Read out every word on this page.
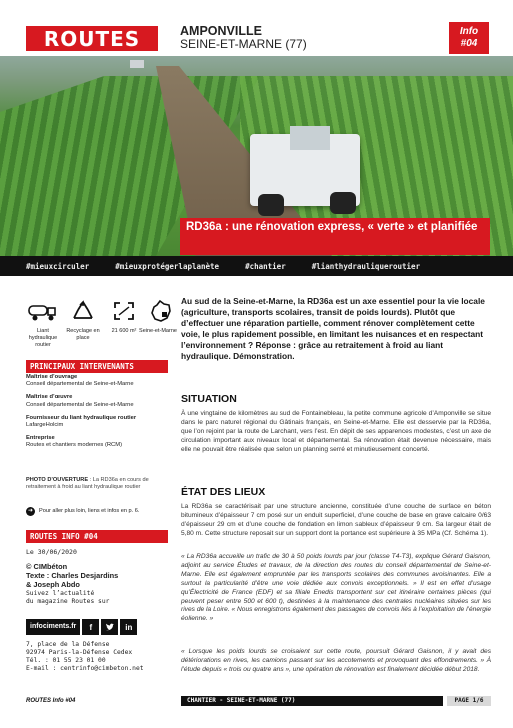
ROUTES	AMPONVILLE
SEINE-ET-MARNE (77)
Info
#04
RD36a : une rénovation express, « verte » et planifiée
#mieuxcirculer	#mieuxprotégerlaplanète	#chantier	#lianthydrauliqueroutier
Liant hydraulique routier
Recyclage en place
21 600 m² Seine-et-Marne
PRINCIPAUX INTERVENANTS
Maîtrise d’ouvrage
Conseil départemental de Seine-et-Marne
Maîtrise d’œuvre
Conseil départemental de Seine-et-Marne
Fournisseur du liant hydraulique routier
LafargeHolcim
Entreprise
Routes et chantiers modernes (RCM)
PHOTO D’OUVERTURE : La RD36a en cours de retraitement à froid au liant hydraulique routier
➜	Pour aller plus loin, liens et infos en p. 6.
ROUTES INFO #04
Le 30/06/2020
© CIMbéton
Texte : Charles Desjardins
& Joseph Abdo
Suivez l’actualité
du magazine Routes sur
infociments.fr	f	in
7, place de la Défense
92974 Paris-la-Défense Cedex
Tél. : 01 55 23 01 00
E-mail : centrinfo@cimbeton.net
Au sud de la Seine-et-Marne, la RD36a est un axe essentiel pour la vie locale (agriculture, transports scolaires, transit de poids lourds). Plutôt que d’effectuer une réparation partielle, comment rénover complètement cette voie, le plus rapidement possible, en limitant les nuisances et en respectant l’environnement ? Réponse : grâce au retraitement à froid au liant hydraulique. Démonstration.
SITUATION
À une vingtaine de kilomètres au sud de Fontainebleau, la petite commune agricole d’Amponville se situe dans le parc naturel régional du Gâtinais français, en Seine-et-Marne. Elle est desservie par la RD36a, que l’on rejoint par la route de Larchant, vers l’est. En dépit de ses apparences modestes, c’est un axe de circulation important aux niveaux local et départemental. Sa rénovation était devenue nécessaire, mais elle ne pouvait être réalisée que selon un planning serré et minutieusement concerté.
ÉTAT DES LIEUX
La RD36a se caractérisait par une structure ancienne, constituée d’une couche de surface en béton bitumineux d’épaisseur 7 cm posé sur un enduit superficiel, d’une couche de base en grave calcaire 0/63 d’épaisseur 29 cm et d’une couche de fondation en limon sableux d’épaisseur 9 cm. Sa largeur était de 5,80 m. Cette structure reposait sur un support dont la portance est supérieure à 35 MPa (Cf. Schéma 1).
« La RD36a accueille un trafic de 30 à 50 poids lourds par jour (classe T4-T3), explique Gérard Gaisnon, adjoint au service Études et travaux, de la direction des routes du conseil départemental de Seine-et-Marne. Elle est également empruntée par les transports scolaires des communes avoisinantes. Elle a surtout la particularité d’être une voie dédiée aux convois exceptionnels. » Il est en effet d’usage qu’Électricité de France (EDF) et sa filiale Enedis transportent sur cet itinéraire certaines pièces (qui peuvent peser entre 500 et 600 t), destinées à la maintenance des centrales nucléaires situées sur les rives de la Loire. « Nous enregistrons également des passages de convois liés à l’exploitation de l’énergie éolienne. »
« Lorsque les poids lourds se croisaient sur cette route, poursuit Gérard Gaisnon, il y avait des détériorations en rives, les camions passant sur les accotements et provoquant des effondrements. » À l’étude depuis « trois ou quatre ans », une opération de rénovation est finalement décidée début 2018.
ROUTES Info #04	CHANTIER - SEINE-ET-MARNE (77)	PAGE 1/6
